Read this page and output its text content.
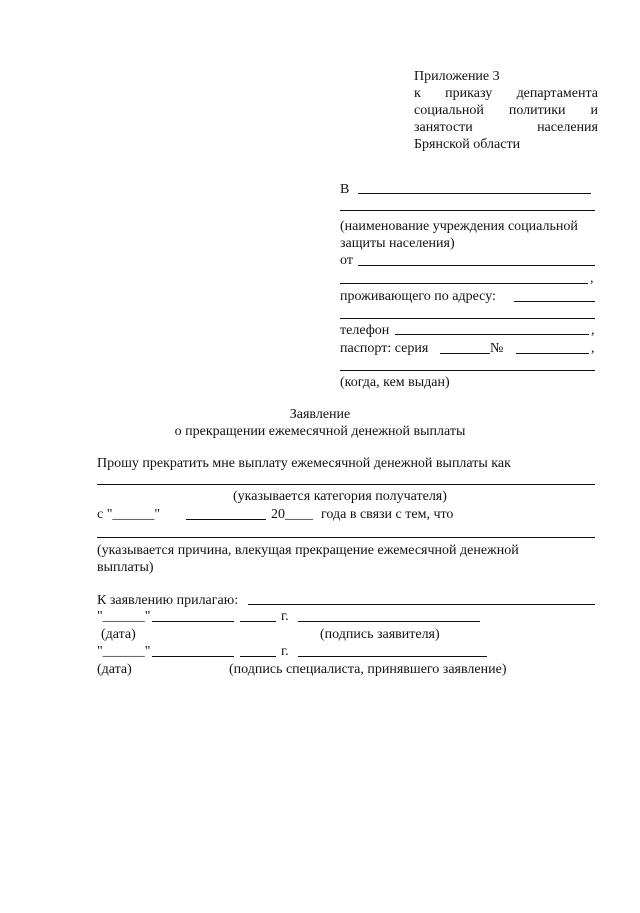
Приложение 3
к приказу департамента
социальной политики и
занятости	населения
Брянской области
В
(наименование учреждения социальной
защиты населения)
от
,
проживающего по адресу:
телефон	,
паспорт: серия	№	,
(когда, кем выдан)
Заявление
о прекращении ежемесячной денежной выплаты
Прошу прекратить мне выплату ежемесячной денежной выплаты как
(указывается категория получателя)
с "______"	20____ года в связи с тем, что
(указывается причина, влекущая прекращение ежемесячной денежной
выплаты)
К заявлению прилагаю:
"______"	г.
(дата)	(подпись заявителя)
"______"	г.
(дата)	(подпись специалиста, принявшего заявление)
